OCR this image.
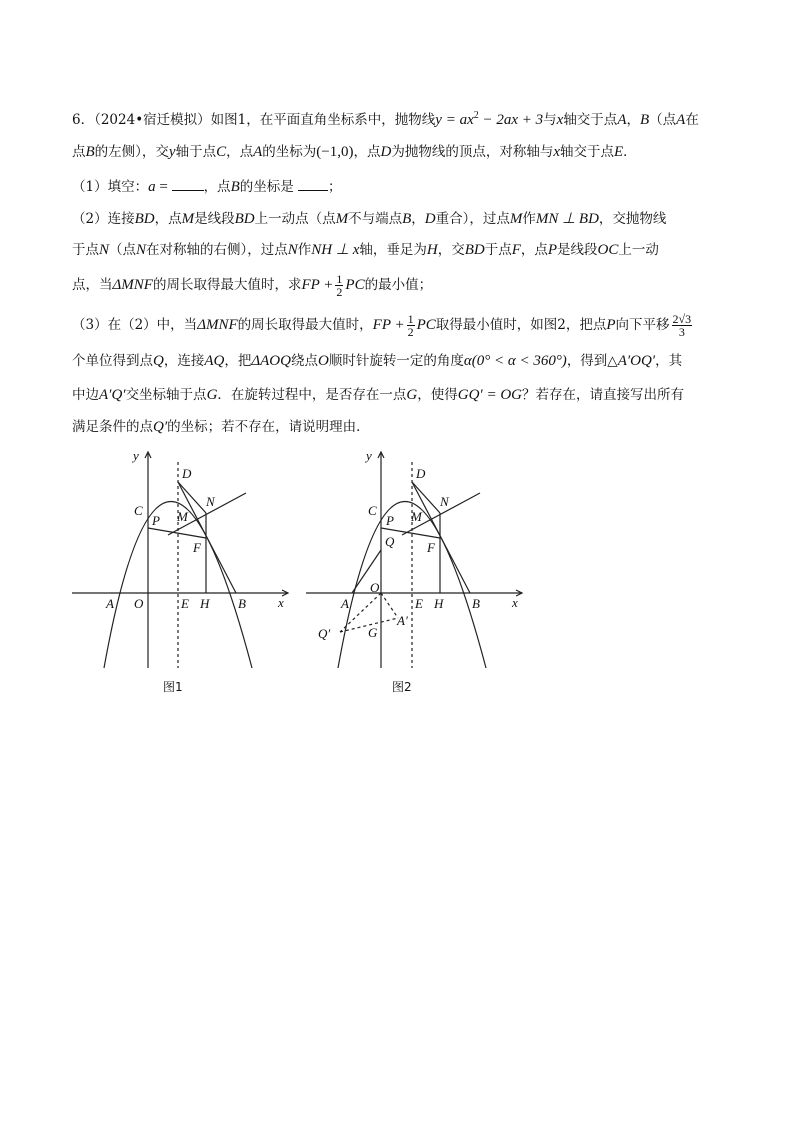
6．（2024•宿迁模拟）如图1，在平面直角坐标系中，抛物线$y = ax^2 - 2ax + 3$与x轴交于点A，B（点A在
点B的左侧），交y轴于点C，点A的坐标为(−1,0)，点D为抛物线的顶点，对称轴与x轴交于点E．
（1）填空：a = ，点B的坐标是	；
（2）连接BD，点M是线段BD上一动点（点M不与端点B，D重合），过点M作MN ⊥ BD，交抛物线
于点N（点N在对称轴的右侧），过点N作NH ⊥ x轴，垂足为H，交BD于点F，点P是线段OC上一动
点，当ΔMNF的周长取得最大值时，求FP + $\frac{1}{2}$ PC的最小值；
（3）在（2）中，当ΔMNF的周长取得最大值时，FP + $\frac{1}{2}$ PC取得最小值时，如图2，把点P向下平移 $\frac{2√3}{3}$
个单位得到点Q，连接AQ，把ΔAOQ绕点O顺时针旋转一定的角度α(0° < α < 360°)，得到△A′OQ′，其
中边A′Q′交坐标轴于点G．在旋转过程中，是否存在一点G，使得GQ′ = OG？若存在，请直接写出所有
满足条件的点Q′的坐标；若不存在，请说明理由．
y
x
D
C
N
P M
F
A O	E H B
图1
y
x
D
C
N
P M
Q	F
O
A	E H B
A′
Q′	G
图2
